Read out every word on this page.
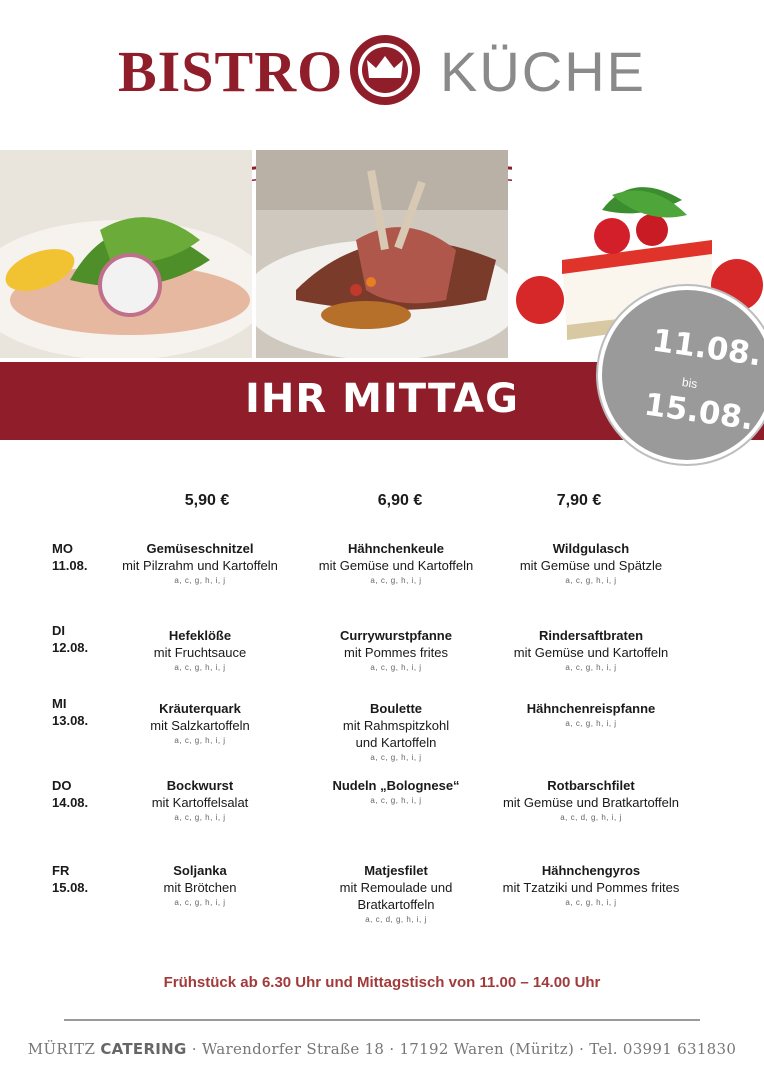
BISTRO KÜCHE
IHR MITTAG
11.08.
bis
15.08.
5,90 €	6,90 €	7,90 €
MO
11.08.
Gemüseschnitzel
mit Pilzrahm und Kartoffeln
a, c, g, h, i, j
Hähnchenkeule
mit Gemüse und Kartoffeln
a, c, g, h, i, j
Wildgulasch
mit Gemüse und Spätzle
a, c, g, h, i, j
DI
12.08.
Hefeklöße
mit Fruchtsauce
a, c, g, h, i, j
Currywurstpfanne
mit Pommes frites
a, c, g, h, i, j
Rindersaftbraten
mit Gemüse und Kartoffeln
a, c, g, h, i, j
MI
13.08.
Kräuterquark
mit Salzkartoffeln
a, c, g, h, i, j
Boulette
mit Rahmspitzkohl
und Kartoffeln
a, c, g, h, i, j
Hähnchenreispfanne
a, c, g, h, i, j
DO
14.08.
Bockwurst
mit Kartoffelsalat
a, c, g, h, i, j
Nudeln „Bolognese“
a, c, g, h, i, j
Rotbarschfilet
mit Gemüse und Bratkartoffeln
a, c, d, g, h, i, j
FR
15.08.
Soljanka
mit Brötchen
a, c, g, h, i, j
Matjesfilet
mit Remoulade und
Bratkartoffeln
a, c, d, g, h, i, j
Hähnchengyros
mit Tzatziki und Pommes frites
a, c, g, h, i, j
Frühstück ab 6.30 Uhr und Mittagstisch von 11.00 – 14.00 Uhr
MÜRITZ CATERING · Warendorfer Straße 18 · 17192 Waren (Müritz) · Tel. 03991 631830
